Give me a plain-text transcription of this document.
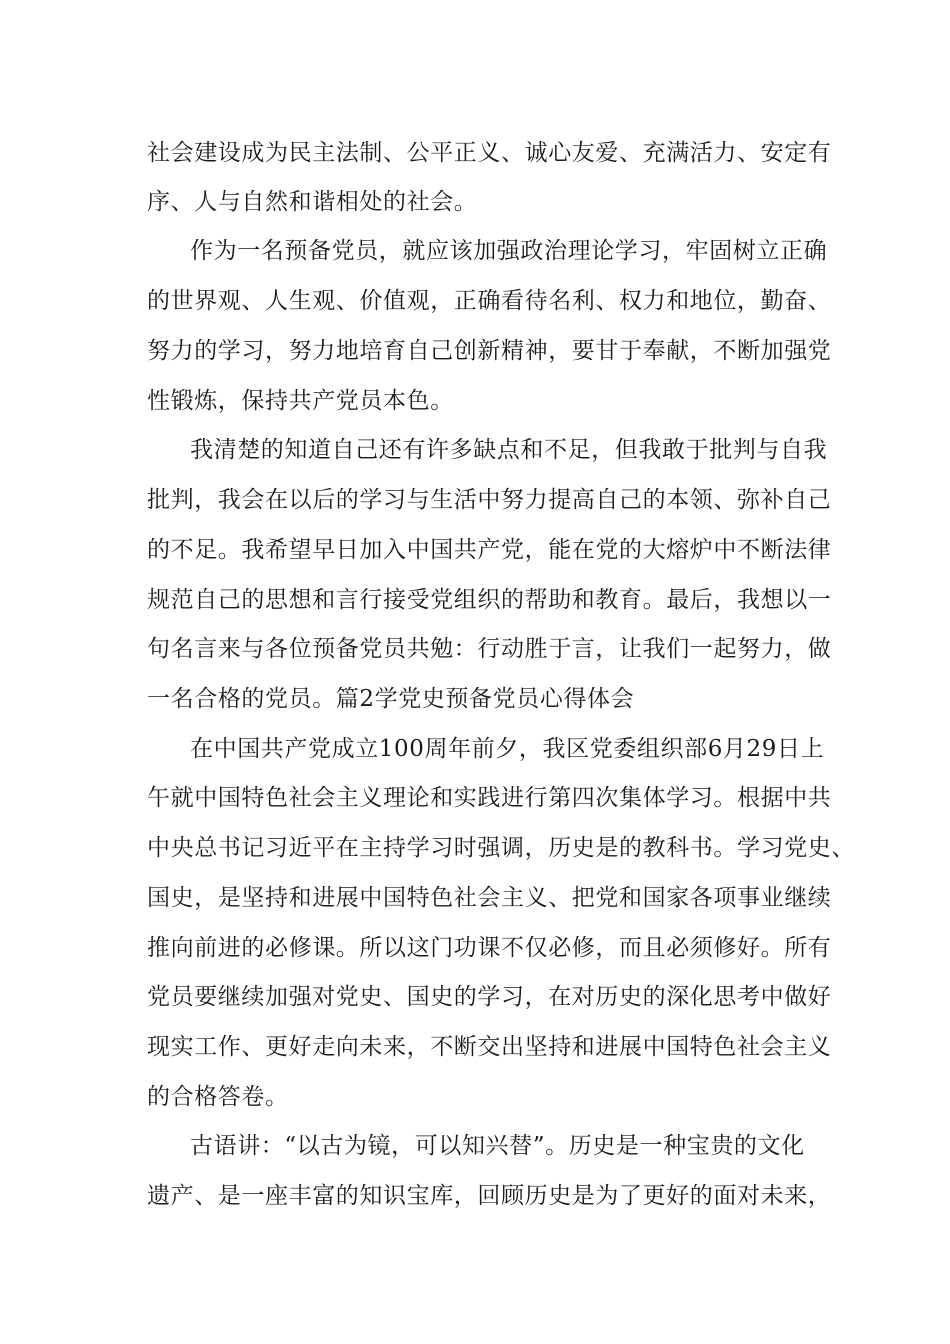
社会建设成为民主法制、公平正义、诚心友爱、充满活力、安定有
序、人与自然和谐相处的社会。
作为一名预备党员，就应该加强政治理论学习，牢固树立正确
的世界观、人生观、价值观，正确看待名利、权力和地位，勤奋、
努力的学习，努力地培育自己创新精神，要甘于奉献，不断加强党
性锻炼，保持共产党员本色。
我清楚的知道自己还有许多缺点和不足，但我敢于批判与自我
批判，我会在以后的学习与生活中努力提高自己的本领、弥补自己
的不足。我希望早日加入中国共产党，能在党的大熔炉中不断法律
规范自己的思想和言行接受党组织的帮助和教育。最后，我想以一
句名言来与各位预备党员共勉：行动胜于言，让我们一起努力，做
一名合格的党员。篇2学党史预备党员心得体会
在中国共产党成立100周年前夕，我区党委组织部6月29日上
午就中国特色社会主义理论和实践进行第四次集体学习。根据中共
中央总书记习近平在主持学习时强调，历史是的教科书。学习党史、
国史，是坚持和进展中国特色社会主义、把党和国家各项事业继续
推向前进的必修课。所以这门功课不仅必修，而且必须修好。所有
党员要继续加强对党史、国史的学习，在对历史的深化思考中做好
现实工作、更好走向未来，不断交出坚持和进展中国特色社会主义
的合格答卷。
古语讲：“以古为镜，可以知兴替”。历史是一种宝贵的文化
遗产、是一座丰富的知识宝库，回顾历史是为了更好的面对未来，
